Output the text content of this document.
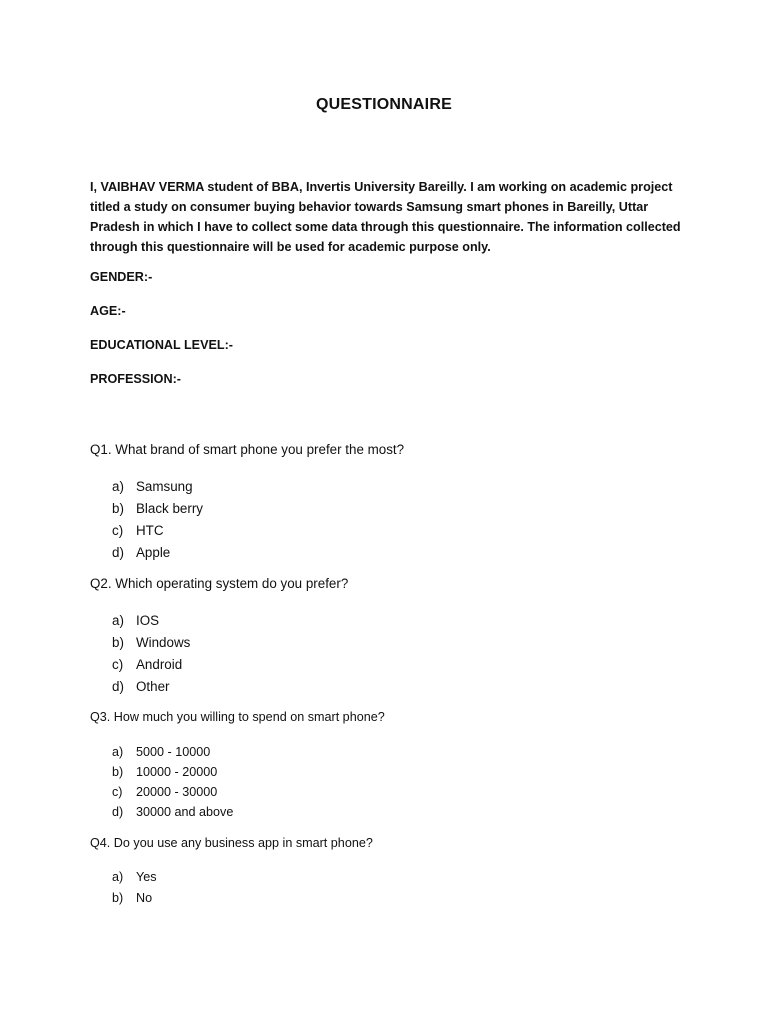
QUESTIONNAIRE
I, VAIBHAV VERMA student of BBA, Invertis University Bareilly. I am working on academic project titled a study on consumer buying behavior towards Samsung smart phones in Bareilly, Uttar Pradesh in which I have to collect some data through this questionnaire. The information collected through this questionnaire will be used for academic purpose only.
GENDER:-
AGE:-
EDUCATIONAL LEVEL:-
PROFESSION:-
Q1. What brand of smart phone you prefer the most?
a) Samsung
b) Black berry
c) HTC
d) Apple
Q2. Which operating system do you prefer?
a) IOS
b) Windows
c) Android
d) Other
Q3. How much you willing to spend on smart phone?
a) 5000 - 10000
b) 10000 - 20000
c) 20000 - 30000
d) 30000 and above
Q4. Do you use any business app in smart phone?
a) Yes
b) No
